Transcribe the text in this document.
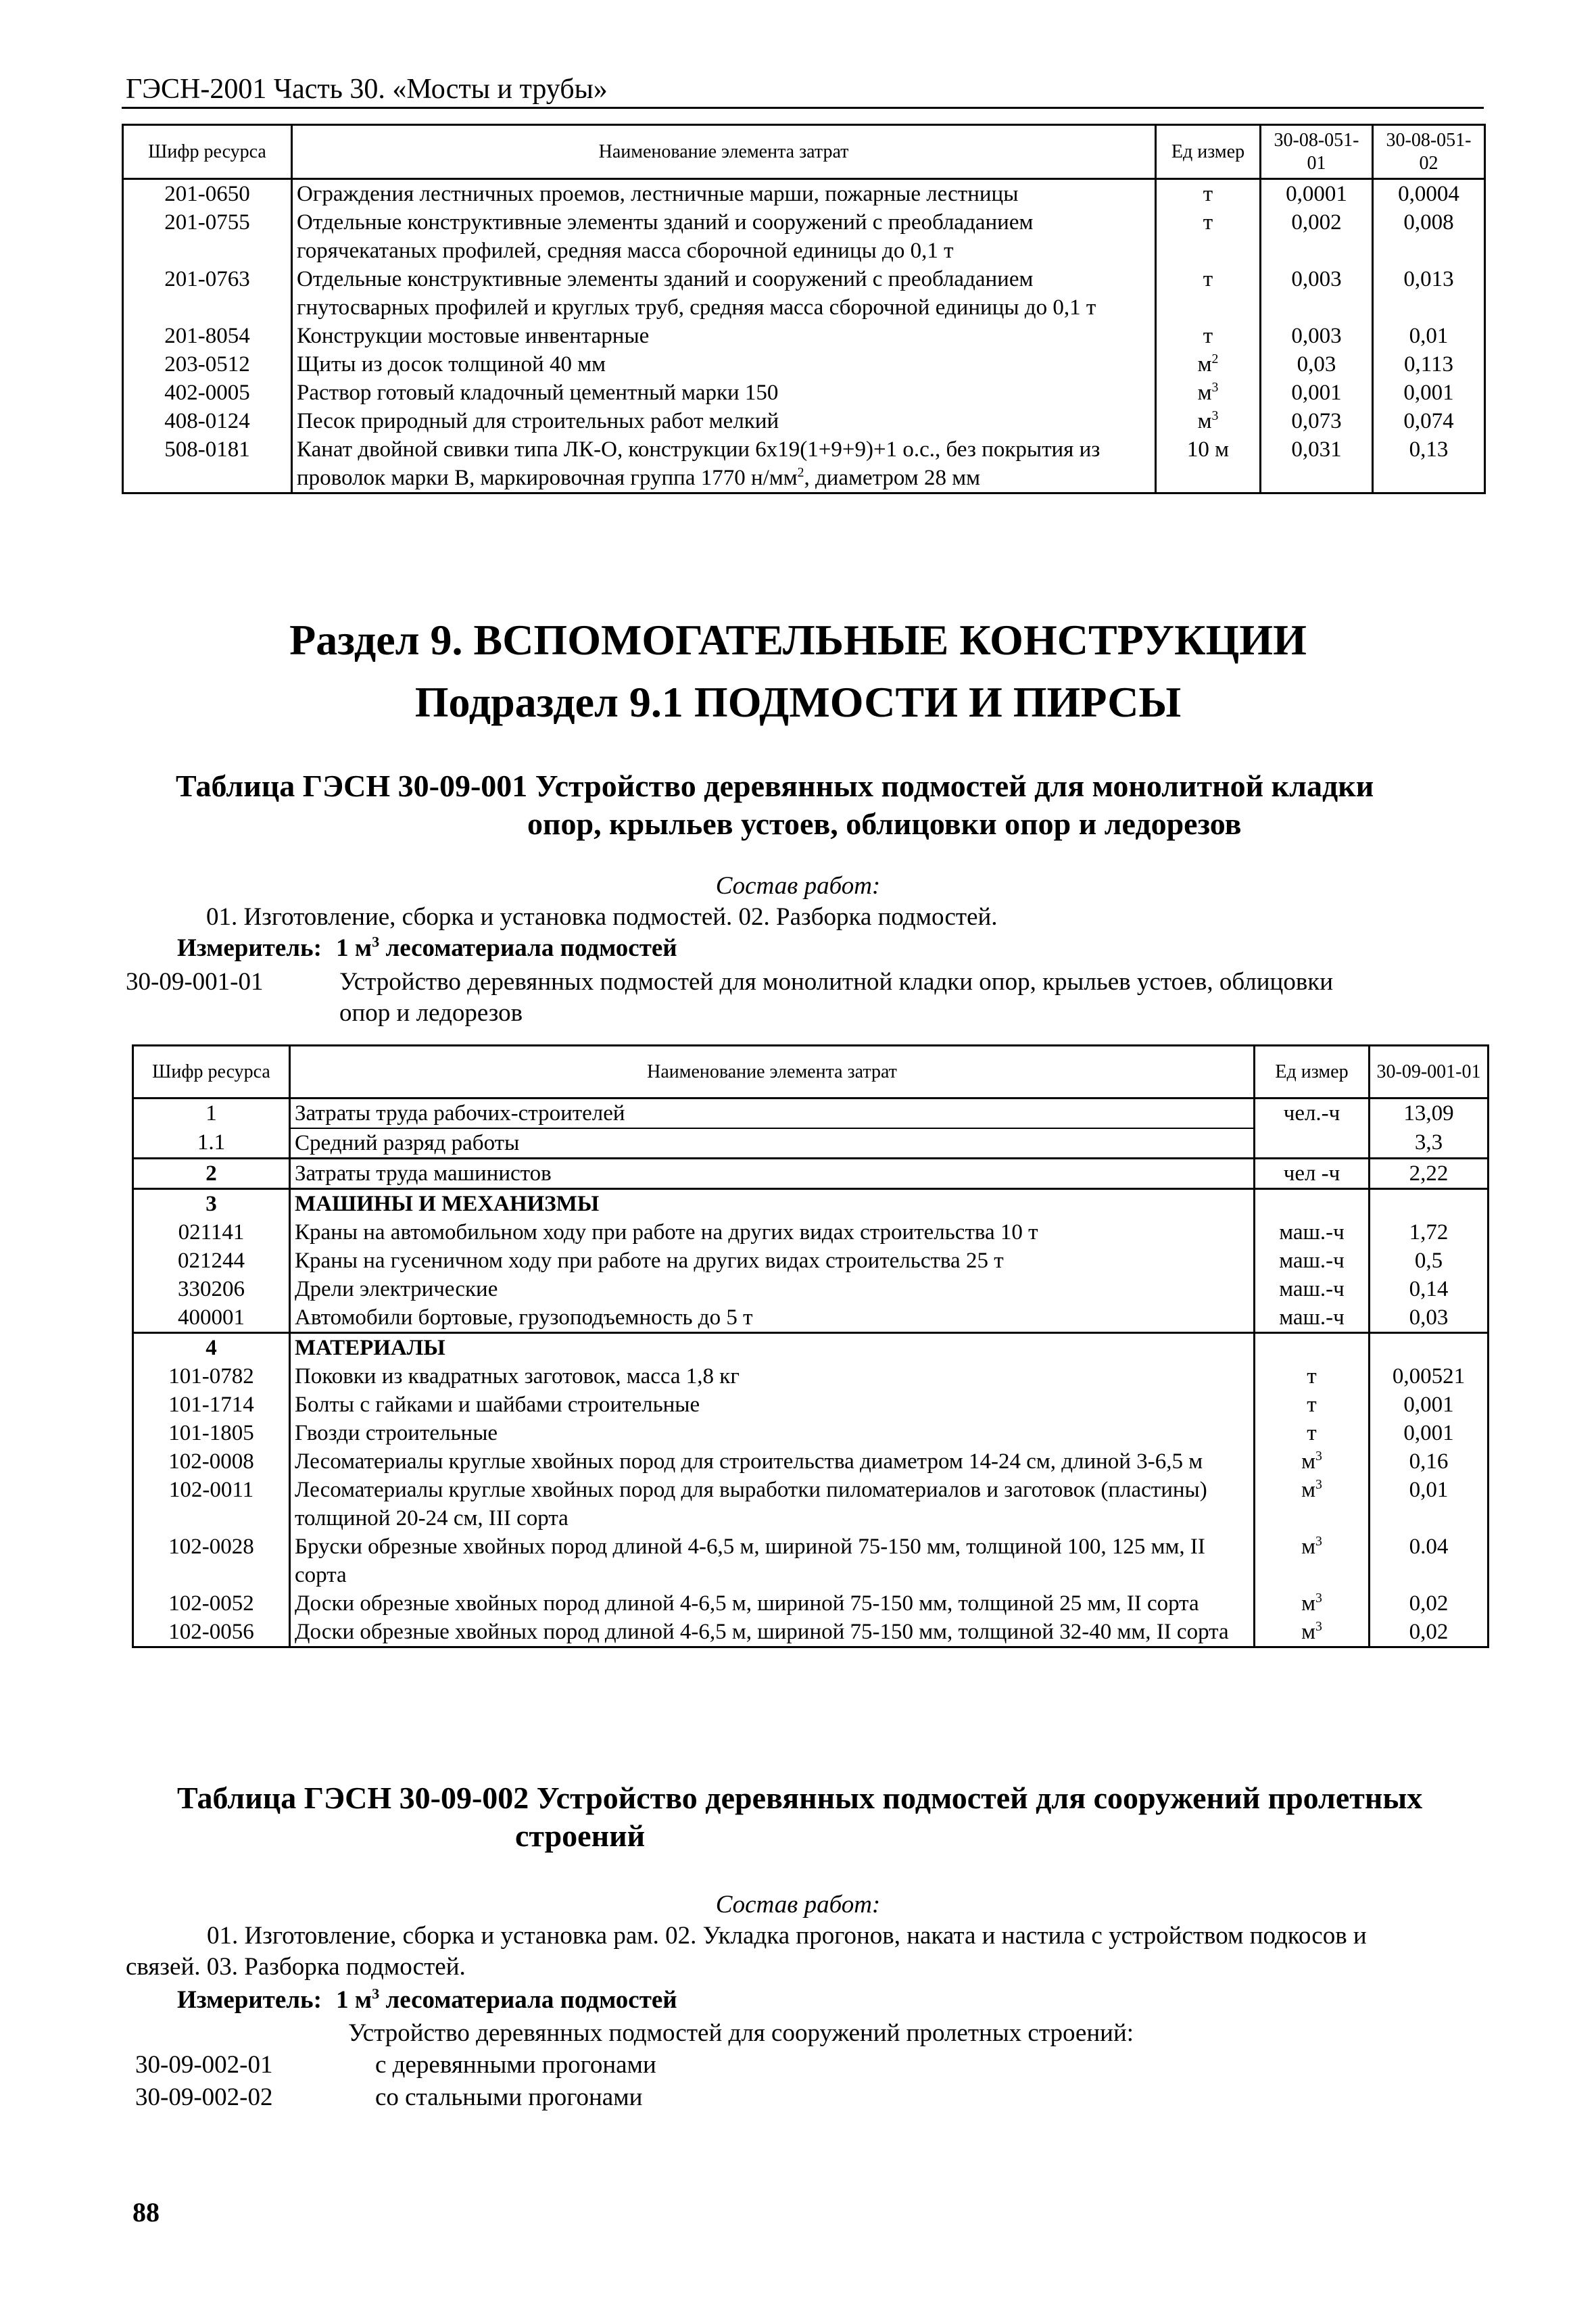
ГЭСН-2001 Часть 30. «Мосты и трубы»
Шифр ресурса	Наименование элемента затрат	Ед измер	30-08-051-01	30-08-051-02
201-0650	Ограждения лестничных проемов, лестничные марши, пожарные лестницы	т	0,0001	0,0004
201-0755	Отдельные конструктивные элементы зданий и сооружений с преобладанием горячекатаных профилей, средняя масса сборочной единицы до 0,1 т	т	0,002	0,008
201-0763	Отдельные конструктивные элементы зданий и сооружений с преобладанием гнутосварных профилей и круглых труб, средняя масса сборочной единицы до 0,1 т	т	0,003	0,013
201-8054	Конструкции мостовые инвентарные	т	0,003	0,01
203-0512	Щиты из досок толщиной 40 мм	$м^2$	0,03	0,113
402-0005	Раствор готовый кладочный цементный марки 150	$м^3$	0,001	0,001
408-0124	Песок природный для строительных работ мелкий	$м^3$	0,073	0,074
508-0181	Канат двойной свивки типа ЛК-О, конструкции 6х19(1+9+9)+1 о.с., без покрытия из проволок марки В, маркировочная группа 1770 $н/мм^2$, диаметром 28 мм	10 м	0,031	0,13
Раздел 9. ВСПОМОГАТЕЛЬНЫЕ КОНСТРУКЦИИ
Подраздел 9.1 ПОДМОСТИ И ПИРСЫ
Таблица ГЭСН 30-09-001 Устройство деревянных подмостей для монолитной кладки
опор, крыльев устоев, облицовки опор и ледорезов
Состав работ:
01. Изготовление, сборка и установка подмостей. 02. Разборка подмостей.
Измеритель: 1 $м^3$ лесоматериала подмостей
30-09-001-01	Устройство деревянных подмостей для монолитной кладки опор, крыльев устоев, облицовки
опор и ледорезов
Шифр ресурса	Наименование элемента затрат	Ед измер	30-09-001-01
1	Затраты труда рабочих-строителей	чел.-ч	13,09
1.1	Средний разряд работы		3,3
2	Затраты труда машинистов	чел -ч	2,22
3	МАШИНЫ И МЕХАНИЗМЫ		
021141	Краны на автомобильном ходу при работе на других видах строительства 10 т	маш.-ч	1,72
021244	Краны на гусеничном ходу при работе на других видах строительства 25 т	маш.-ч	0,5
330206	Дрели электрические	маш.-ч	0,14
400001	Автомобили бортовые, грузоподъемность до 5 т	маш.-ч	0,03
4	МАТЕРИАЛЫ		
101-0782	Поковки из квадратных заготовок, масса 1,8 кг	т	0,00521
101-1714	Болты с гайками и шайбами строительные	т	0,001
101-1805	Гвозди строительные	т	0,001
102-0008	Лесоматериалы круглые хвойных пород для строительства диаметром 14-24 см, длиной 3-6,5 м	$м^3$	0,16
102-0011	Лесоматериалы круглые хвойных пород для выработки пиломатериалов и заготовок (пластины) толщиной 20-24 см, III сорта	$м^3$	0,01
102-0028	Бруски обрезные хвойных пород длиной 4-6,5 м, шириной 75-150 мм, толщиной 100, 125 мм, II сорта	$м^3$	0.04
102-0052	Доски обрезные хвойных пород длиной 4-6,5 м, шириной 75-150 мм, толщиной 25 мм, II сорта	$м^3$	0,02
102-0056	Доски обрезные хвойных пород длиной 4-6,5 м, шириной 75-150 мм, толщиной 32-40 мм, II сорта	$м^3$	0,02
Таблица ГЭСН 30-09-002 Устройство деревянных подмостей для сооружений пролетных
строений
Состав работ:
01. Изготовление, сборка и установка рам. 02. Укладка прогонов, наката и настила с устройством подкосов и
связей. 03. Разборка подмостей.
Измеритель: 1 $м^3$ лесоматериала подмостей
Устройство деревянных подмостей для сооружений пролетных строений:
30-09-002-01	с деревянными прогонами
30-09-002-02	со стальными прогонами
88
